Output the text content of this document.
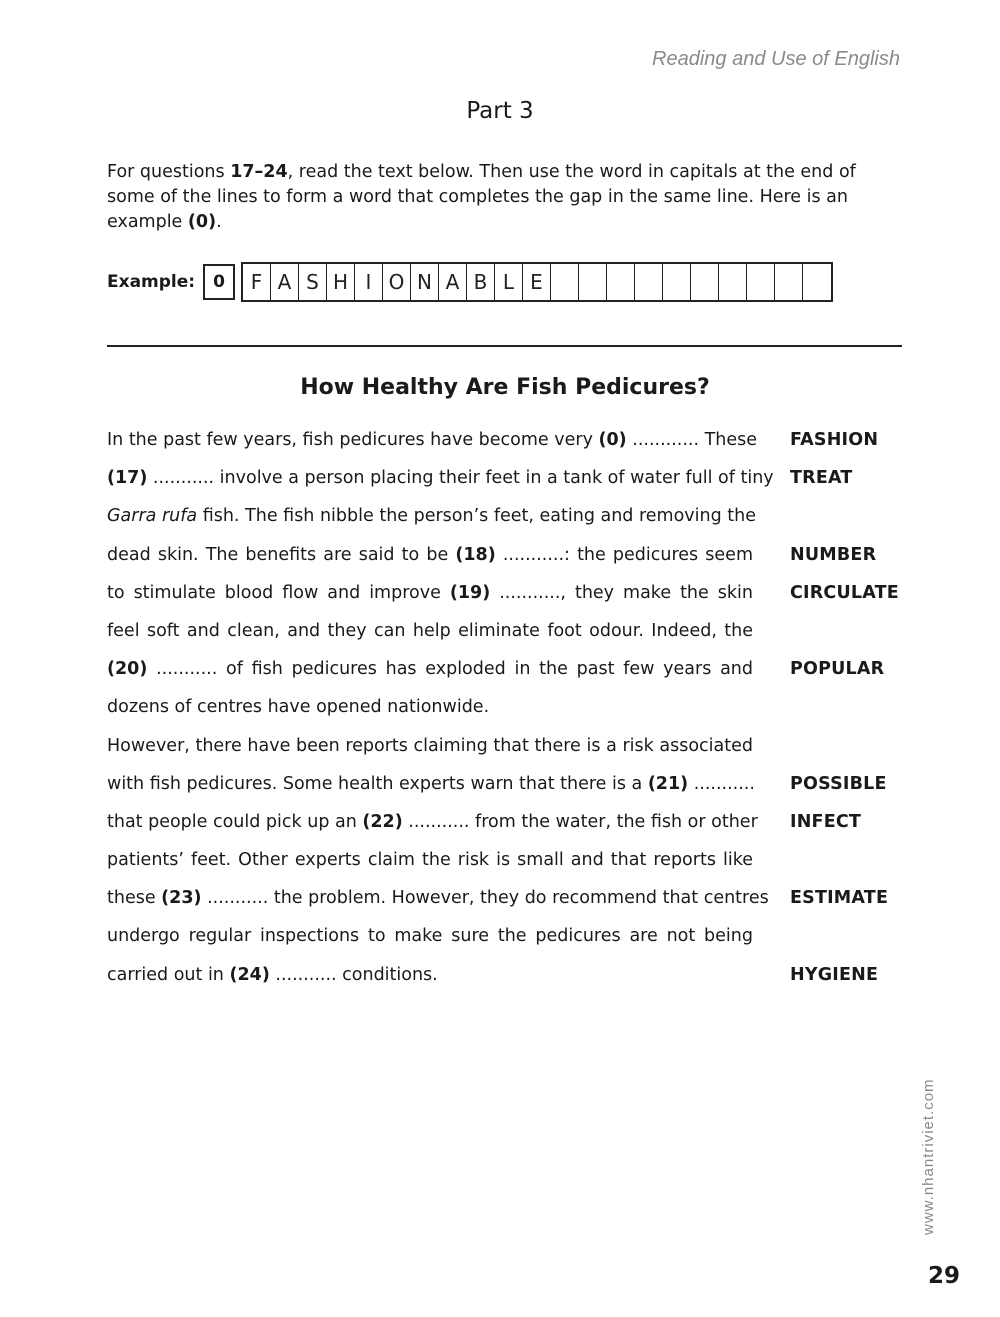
Reading and Use of English
Part 3
For questions 17–24, read the text below. Then use the word in capitals at the end of
some of the lines to form a word that completes the gap in the same line. Here is an
example (0).
Example:	0	F A S H I O N A B L E
How Healthy Are Fish Pedicures?
In the past few years, fish pedicures have become very (0) ............ These FASHION
(17) ........... involve a person placing their feet in a tank of water full of tiny TREAT
Garra rufa fish. The fish nibble the person’s feet, eating and removing the
dead skin. The benefits are said to be (18) ...........: the pedicures seem NUMBER
to stimulate blood flow and improve (19) ..........., they make the skin CIRCULATE
feel soft and clean, and they can help eliminate foot odour. Indeed, the
(20) ........... of fish pedicures has exploded in the past few years and POPULAR
dozens of centres have opened nationwide.
However, there have been reports claiming that there is a risk associated
with fish pedicures. Some health experts warn that there is a (21) ........... POSSIBLE
that people could pick up an (22) ........... from the water, the fish or other INFECT
patients’ feet. Other experts claim the risk is small and that reports like
these (23) ........... the problem. However, they do recommend that centres ESTIMATE
undergo regular inspections to make sure the pedicures are not being
carried out in (24) ........... conditions.	HYGIENE
www.nhantriviet.com
29
